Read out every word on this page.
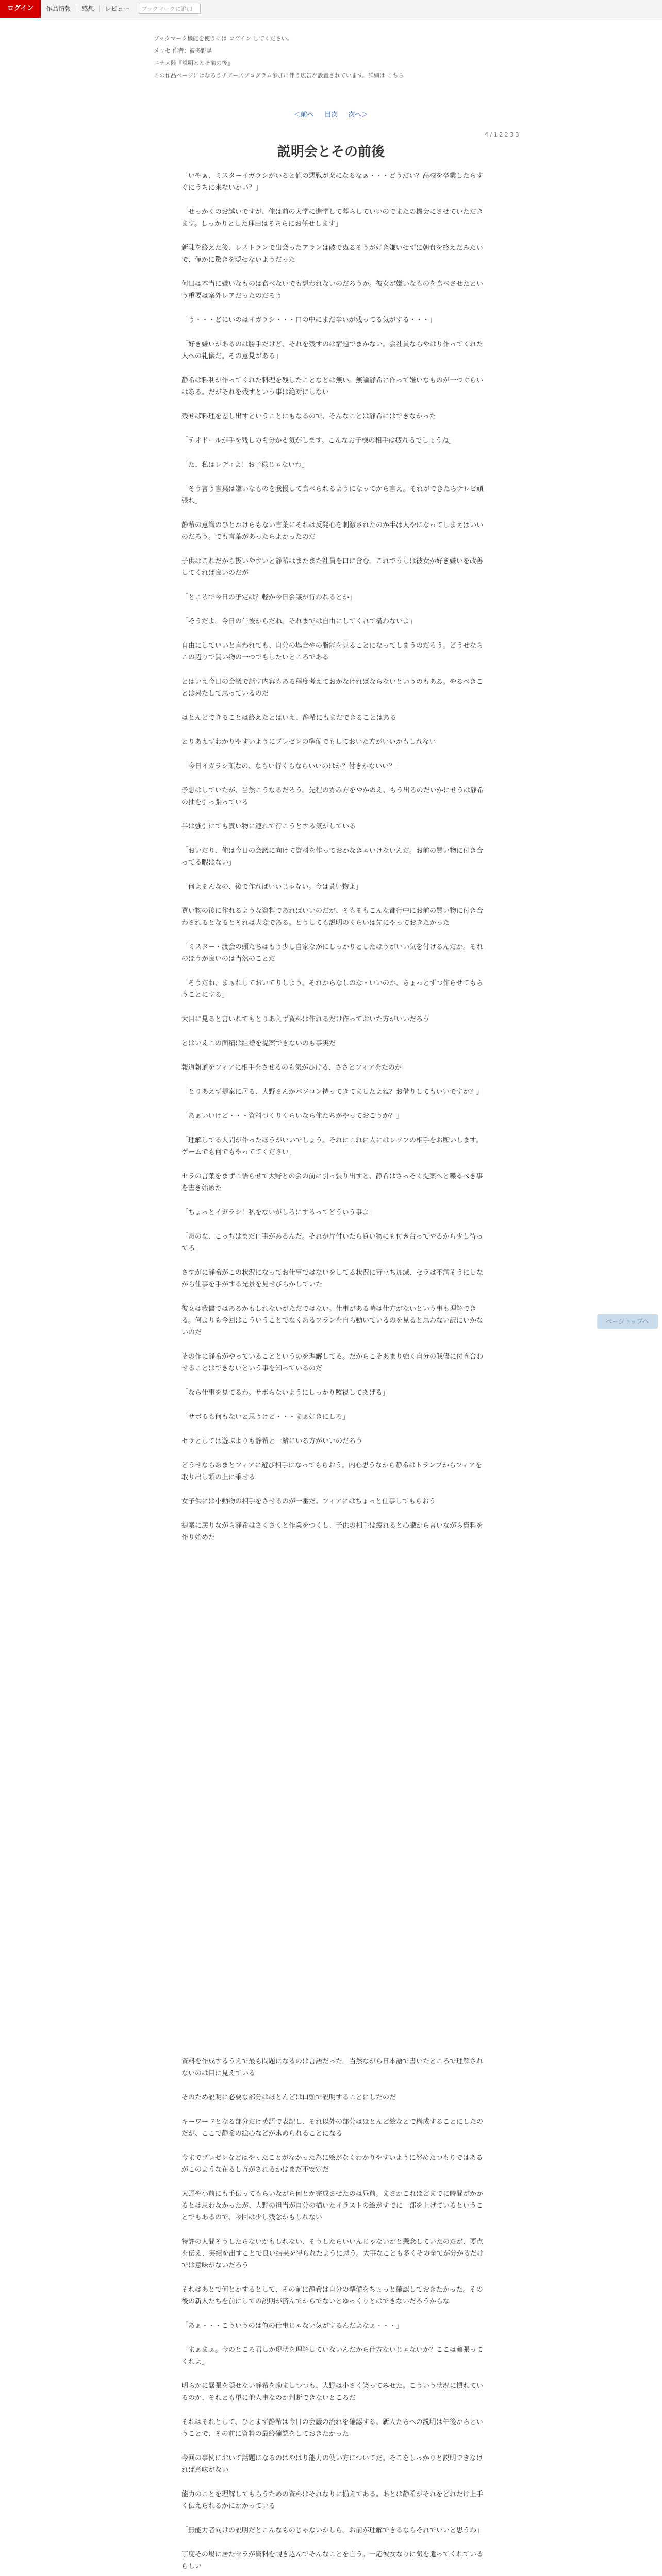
ログイン	作品情報	感想	レビュー	ブックマークに追加
ブックマーク機能を使うには ログイン してください。
メッセ 作者：波多野晃
ニナ大陸『説明ととそ前の後』
この作品ページにはなろうチアーズプログラム参加に伴う広告が設置されています。詳細は こちら
＜前へ 目次 次へ＞
4 / 1 2 2 3 3
説明会とその前後

「いやぁ、ミスターイガラシがいると値の悪戦が楽になるなぁ・・・どうだい？高校を卒業したらすぐにうちに来ないかい？」

「せっかくのお誘いですが、俺は前の大学に進学して暮らしていいのでまたの機会にさせていただきます。しっかりとした理由はそちらにお任せします」

新陳を終えた後、レストランで出会ったアランは破でぬるそうが好き嫌いせずに朝食を終えたみたいで、僅かに驚きを隠せないようだった

何日は本当に嫌いなものは食べないでも想われないのだろうか。彼女が嫌いなものを食べさせたという重要は案外レアだったのだろう

「う・・・どにいのはイガラシ・・・口の中にまだ辛いが残ってる気がする・・・」

「好き嫌いがあるのは勝手だけど、それを残すのは宿題でまかない。会社員ならやはり作ってくれた人への礼儀だ。その意見がある」

静希は料利が作ってくれた料理を残したことなどは無い。無論静希に作って嫌いなものが一つぐらいはある。だがそれを残すという事は絶対にしない

残せば料理を差し出すということにもなるので、そんなことは静希にはできなかった

「テオドールが手を残しのも分かる気がします。こんなお子様の相手は疲れるでしょうね」

「た、私はレディよ！お子様じゃないわ」

「そう言う言葉は嫌いなものを我慢して食べられるようになってから言え。それができたらテレビ頑張れ」

静希の意識のひとかけらもない言葉にそれは反発心を刺激されたのか半ば人やになってしまえばいいのだろう。でも言葉があったらよかったのだ

子供はこれだから扱いやすいと静希はまたまた社員を口に含む。これでうしは彼女が好き嫌いを改善してくれば良いのだが

「ところで今日の予定は？軽か今日会議が行われるとか」

「そうだよ。今日の午後からだね。それまでは自由にしてくれて構わないよ」

自由にしていいと言われても、自分の場合やの脂能を見ることになってしまうのだろう。どうせならこの辺りで買い物の一つでもしたいところである

とはいえ今日の会議で話す内容もある程度考えておかなければならないというのもある。やるべきことは果たして思っているのだ

はとんどできることは終えたとはいえ、静希にもまだできることはある

とりあえずわかりやすいようにプレゼンの準備でもしておいた方がいいかもしれない

「今日イガラシ頑なの、ならい行くらならいいのはか？付きかないい？」

予想はしていたが、当然こうなるだろう。先程の雰み方をやかぬえ、もう出るのだいかにせうは静希の抽を引っ張っている

半は強引にても貰い物に連れて行こうとする気がしている

「おいだり、俺は今日の会議に向けて資料を作っておかなきゃいけないんだ。お前の買い物に付き合ってる暇はない」

「何よそんなの、後で作ればいいじゃない。今は貰い物よ」

買い物の後に作れるような資料であればいいのだが、そもそもこんな都行中にお前の買い物に付き合わされるとなるとそれは大変である。どうしても説明のくらいは先にやっておきたかった

「ミスター・渡会の頭たちはもう少し自家ながにしっかりとしたほうがいい気を付けるんだか。それのほうが良いのは当然のことだ

「そうだね、まぁれしておいてりしよう。それからなしのな・いいのか、ちょっとずつ作らせてもらうことにする」

大目に見ると言いれてもとりあえず資料は作れるだけ作っておいた方がいいだろう

とはいえこの面積は組様を提案できないのも事実だ

報道報道をフィアに相手をさせるのも気がひける、ささとフィアをたのか

「とりあえず提案に居る、大野さんがパソコン持ってきてましたよね？お借りしてもいいですか？」

「あぁいいけど・・・資料づくりぐらいなら俺たちがやっておこうか？」

「理解してる人間が作ったほうがいいでしょう。それにこれに人にはレソフの相手をお願いします。ゲームでも何でもやっててください」

セラの言葉をまずこ悟らせて大野との会の前に引っ張り出すと、静希はさっそく提案へと喋るべき事を書き始めた

「ちょっとイガラシ！私をないがしろにするってどういう事よ」

「あのな、こっちはまだ仕事があるんだ。それが片付いたら買い物にも付き合ってやるから少し待ってろ」

さすがに静希がこの状況になってお仕事ではないをしてる状況に苛立ち加減、セラは不満そうにしながら仕事を手がする光景を見せびらかしていた

彼女は我儘ではあるかもしれないがただではない。仕事がある時は仕方がないという事も理解できる。何よりも今回はこういうことでなくあるプランを自ら動いているのを見ると思わない訳にいかないのだ

その作に静希がやっていることというのを理解してる。だからこそあまり強く自分の我儘に付き合わせることはできないという事を知っているのだ

「なら仕事を見てるわ。サボらないようにしっかり監視してあげる」

「サボるも何もないと思うけど・・・まぁ好きにしろ」

セラとしては遊ぶよりも静希と一緒にいる方がいいのだろう

どうせならあまとフィアに遊び相手になってもらおう。内心思うなから静希はトランプからフィアを取り出し頭の上に乗せる

女子供には小動物の相手をさせるのが一番だ。フィアにはちょっと仕事してもらおう

提案に戻りながら静希はさくさくと作業をつくし、子供の相手は疲れると心臓から言いながら資料を作り始めた

資料を作成するうえで最も問題になるのは言語だった。当然ながら日本語で書いたところで理解されないのは目に見えている

そのため説明に必要な部分はほとんどは口頭で説明することにしたのだ

キーワードとなる部分だけ英語で表記し、それ以外の部分はほとんど絵などで構成することにしたのだが、ここで静希の絵心などが求められることになる

今までプレゼンなどはやったことがなかった為に絵がなくわかりやすいように努めたつもりではあるがこのような在るし方がされるかはまだ不安定だ

大野や小前にも手伝ってもらいながら何とか完成させたのは昼前。まさかこれほどまでに時間がかかるとは思わなかったが、大野の担当が自分の描いたイラストの絵がすでに一部を上げているということでもあるので、今回は少し残念かもしれない

特許の人間そうしたらないかもしれない、そうしたらいいんじゃないかと懸念していたのだが、要点を伝え、実績を出すことで良い結果を得られたように思う。大事なことも多くその全てが分かるだけでは意味がないだろう

それはあとで何とかするとして、その前に静希は自分の準備をちょっと確認しておきたかった。その後の新人たちを前にしての説明が済んでからでないとゆっくりとはできないだろうからな

「あぁ・・・こういうのは俺の仕事じゃない気がするんだよなぁ・・・」

「まぁまぁ。今のところ君しか現状を理解していないんだから仕方ないじゃないか？ここは頑張ってくれよ」

明らかに緊張を隠せない静希を励ましつつも、大野は小さく笑ってみせた。こういう状況に慣れているのか、それとも単に他人事なのか判断できないところだ

それはそれとして、ひとまず静希は今日の会議の流れを確認する。新人たちへの説明は午後からということで、その前に資料の最終確認をしておきたかった

今回の事例において話題になるのはやはり能力の使い方についてだ。そこをしっかりと説明できなければ意味がない

能力のことを理解してもらうための資料はそれなりに揃えてある。あとは静希がそれをどれだけ上手く伝えられるかにかかっている

「無能力者向けの説明だとこんなものじゃないかしら。お前が理解できるならそれでいいと思うわ」

丁度その場に居たセラが資料を覗き込んでそんなことを言う。一応彼女なりに気を遣ってくれているらしい

ページトップへ
